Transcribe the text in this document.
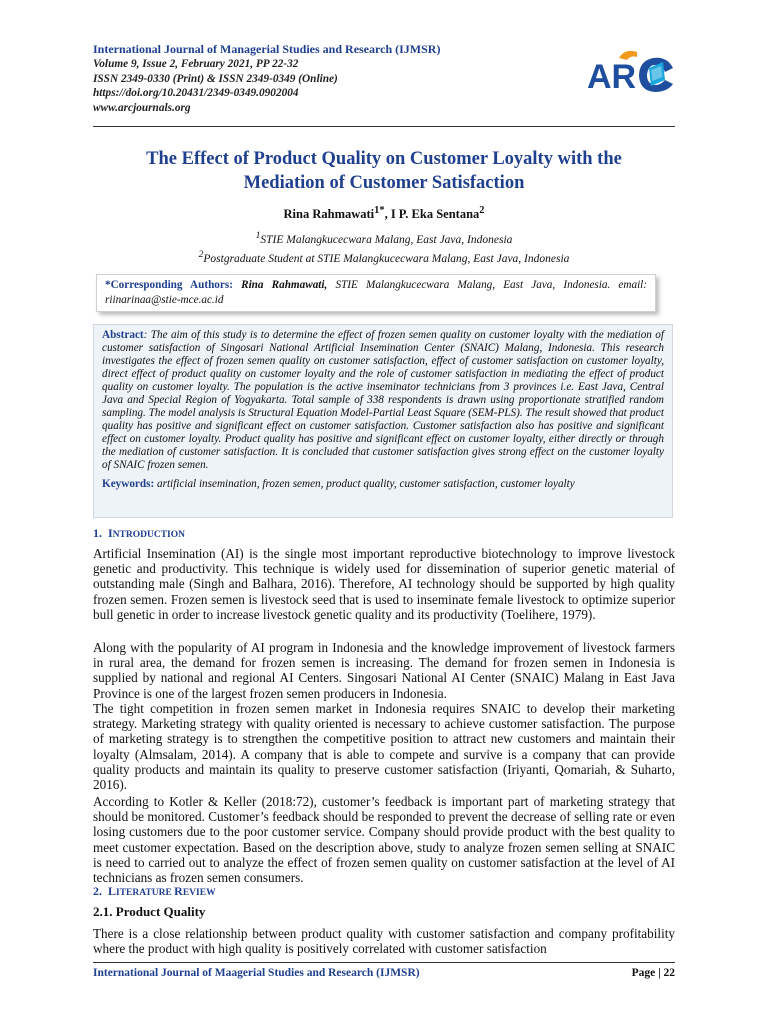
International Journal of Managerial Studies and Research (IJMSR)
Volume 9, Issue 2, February 2021, PP 22-32
ISSN 2349-0330 (Print) & ISSN 2349-0349 (Online)
https://doi.org/10.20431/2349-0349.0902004
www.arcjournals.org
AR
The Effect of Product Quality on Customer Loyalty with the
Mediation of Customer Satisfaction
Rina Rahmawati$^{1*}$, I P. Eka Sentana$^2$
$^1$STIE Malangkucecwara Malang, East Java, Indonesia
$^2$Postgraduate Student at STIE Malangkucecwara Malang, East Java, Indonesia

*Corresponding Authors: Rina Rahmawati, STIE Malangkucecwara Malang, East Java, Indonesia. email: riinarinaa@stie-mce.ac.id

Abstract: The aim of this study is to determine the effect of frozen semen quality on customer loyalty with the mediation of customer satisfaction of Singosari National Artificial Insemination Center (SNAIC) Malang, Indonesia. This research investigates the effect of frozen semen quality on customer satisfaction, effect of customer satisfaction on customer loyalty, direct effect of product quality on customer loyalty and the role of customer satisfaction in mediating the effect of product quality on customer loyalty. The population is the active inseminator technicians from 3 provinces i.e. East Java, Central Java and Special Region of Yogyakarta. Total sample of 338 respondents is drawn using proportionate stratified random sampling. The model analysis is Structural Equation Model-Partial Least Square (SEM-PLS). The result showed that product quality has positive and significant effect on customer satisfaction. Customer satisfaction also has positive and significant effect on customer loyalty. Product quality has positive and significant effect on customer loyalty, either directly or through the mediation of customer satisfaction. It is concluded that customer satisfaction gives strong effect on the customer loyalty of SNAIC frozen semen.

Keywords: artificial insemination, frozen semen, product quality, customer satisfaction, customer loyalty

1. INTRODUCTION

Artificial Insemination (AI) is the single most important reproductive biotechnology to improve livestock genetic and productivity. This technique is widely used for dissemination of superior genetic material of outstanding male (Singh and Balhara, 2016). Therefore, AI technology should be supported by high quality frozen semen. Frozen semen is livestock seed that is used to inseminate female livestock to optimize superior bull genetic in order to increase livestock genetic quality and its productivity (Toelihere, 1979).

Along with the popularity of AI program in Indonesia and the knowledge improvement of livestock farmers in rural area, the demand for frozen semen is increasing. The demand for frozen semen in Indonesia is supplied by national and regional AI Centers. Singosari National AI Center (SNAIC) Malang in East Java Province is one of the largest frozen semen producers in Indonesia.

The tight competition in frozen semen market in Indonesia requires SNAIC to develop their marketing strategy. Marketing strategy with quality oriented is necessary to achieve customer satisfaction. The purpose of marketing strategy is to strengthen the competitive position to attract new customers and maintain their loyalty (Almsalam, 2014). A company that is able to compete and survive is a company that can provide quality products and maintain its quality to preserve customer satisfaction (Iriyanti, Qomariah, & Suharto, 2016).

According to Kotler & Keller (2018:72), customer’s feedback is important part of marketing strategy that should be monitored. Customer’s feedback should be responded to prevent the decrease of selling rate or even losing customers due to the poor customer service. Company should provide product with the best quality to meet customer expectation. Based on the description above, study to analyze frozen semen selling at SNAIC is need to carried out to analyze the effect of frozen semen quality on customer satisfaction at the level of AI technicians as frozen semen consumers.

2. LITERATURE REVIEW
2.1. Product Quality

There is a close relationship between product quality with customer satisfaction and company profitability where the product with high quality is positively correlated with customer satisfaction

International Journal of Maagerial Studies and Research (IJMSR)	Page | 22
